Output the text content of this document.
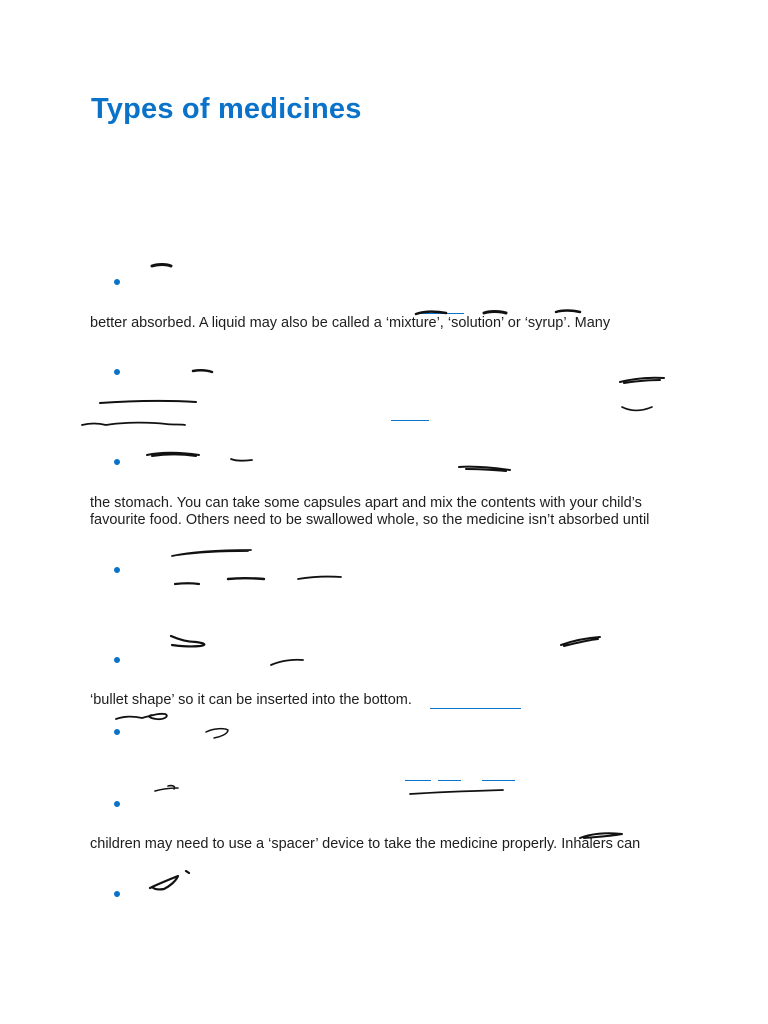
Types of medicines

better absorbed. A liquid may also be called a ‘mixture’, ‘solution’ or ‘syrup’. Many

the stomach. You can take some capsules apart and mix the contents with your child’s

favourite food. Others need to be swallowed whole, so the medicine isn’t absorbed until

‘bullet shape’ so it can be inserted into the bottom.

children may need to use a ‘spacer’ device to take the medicine properly. Inhalers can
